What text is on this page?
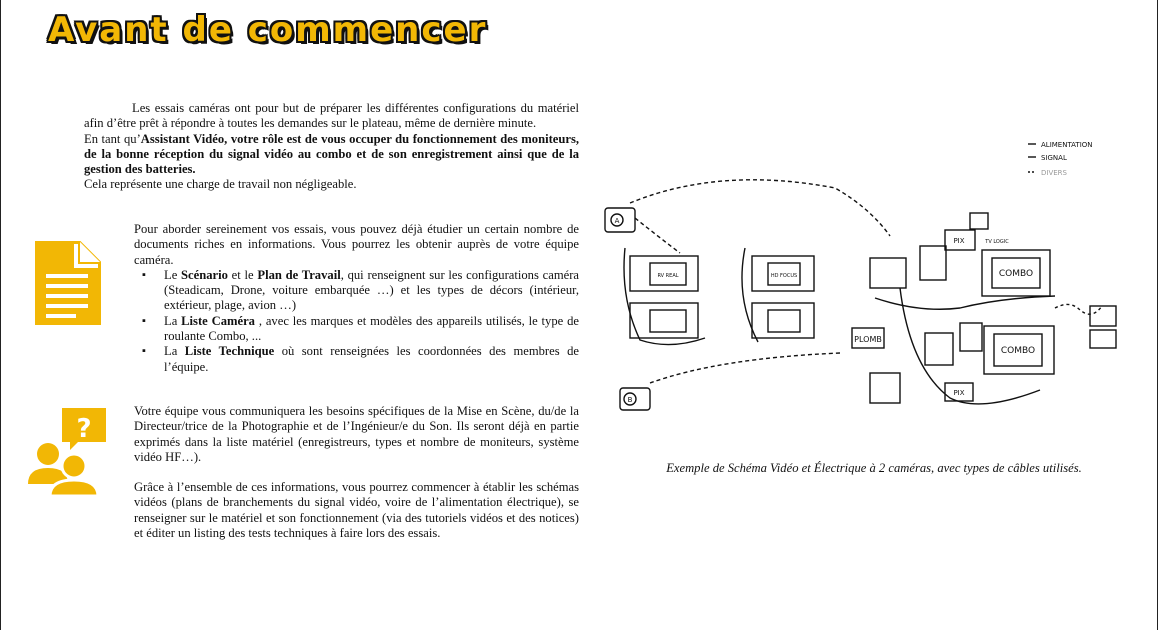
Avant de commencer

Les essais caméras ont pour but de préparer les différentes configurations du matériel afin d’être prêt à répondre à toutes les demandes sur le plateau, même de dernière minute.

En tant qu’Assistant Vidéo, votre rôle est de vous occuper du fonctionnement des moniteurs, de la bonne réception du signal vidéo au combo et de son enregistrement ainsi que de la gestion des batteries.

Cela représente une charge de travail non négligeable.

Pour aborder sereinement vos essais, vous pouvez déjà étudier un certain nombre de documents riches en informations. Vous pourrez les obtenir auprès de votre équipe caméra.

▪ Le Scénario et le Plan de Travail, qui renseignent sur les configurations caméra (Steadicam, Drone, voiture embarquée …) et les types de décors (intérieur, extérieur, plage, avion …)
▪ La Liste Caméra , avec les marques et modèles des appareils utilisés, le type de roulante Combo, ...
▪ La Liste Technique où sont renseignées les coordonnées des membres de l’équipe.
?

Votre équipe vous communiquera les besoins spécifiques de la Mise en Scène, du/de la Directeur/trice de la Photographie et de l’Ingénieur/e du Son. Ils seront déjà en partie exprimés dans la liste matériel (enregistreurs, types et nombre de moniteurs, système vidéo HF…).

Grâce à l’ensemble de ces informations, vous pourrez commencer à établir les schémas vidéos (plans de branchements du signal vidéo, voire de l’alimentation électrique), se renseigner sur le matériel et son fonctionnement (via des tutoriels vidéos et des notices) et éditer un listing des tests techniques à faire lors des essais.

ALIMENTATION
SIGNAL
DIVERS
COMBO
COMBO
PLOMB
TV LOGIC
RV REAL	HD FOCUS
PIX
PIX
A
B
Exemple de Schéma Vidéo et Électrique à 2 caméras, avec types de câbles utilisés.
